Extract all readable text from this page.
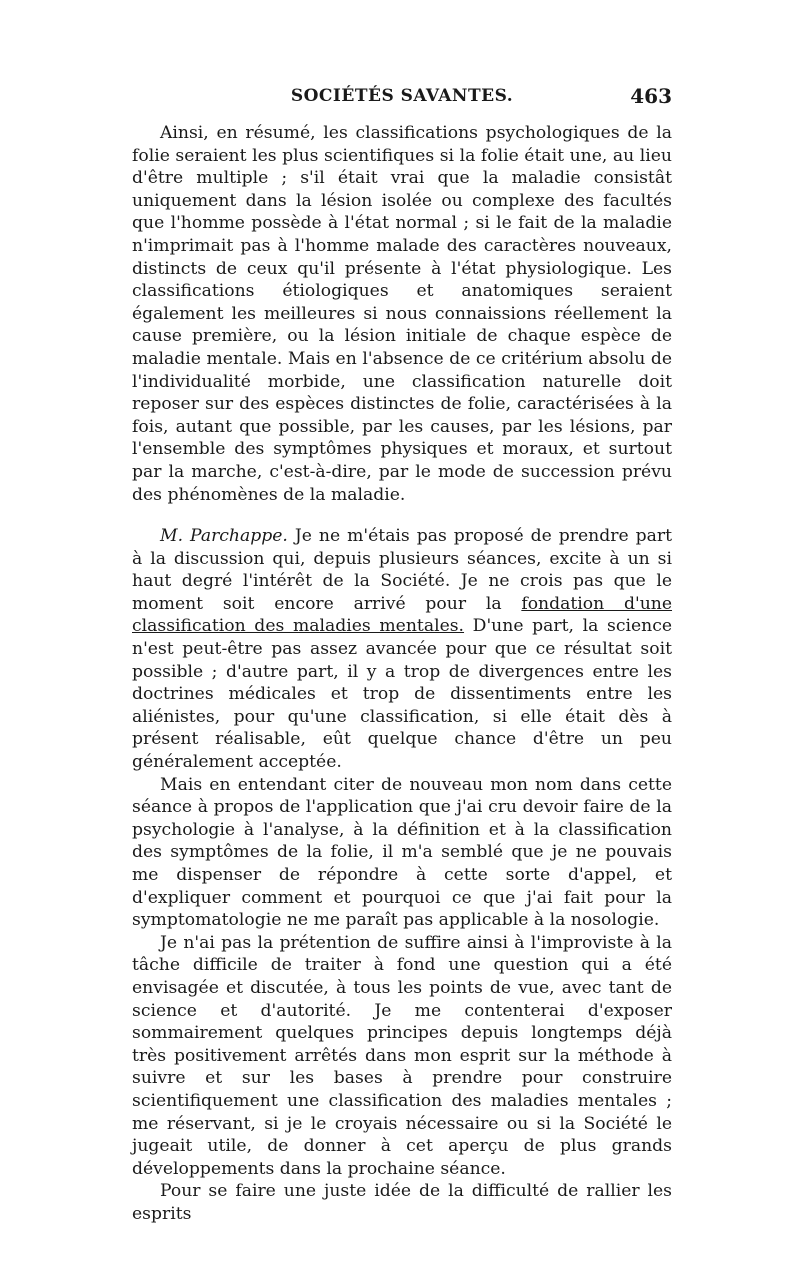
SOCIÉTÉS SAVANTES.	463

Ainsi, en résumé, les classifications psychologiques de la folie seraient les plus scientifiques si la folie était une, au lieu d'être multiple ; s'il était vrai que la maladie consistât uniquement dans la lésion isolée ou complexe des facultés que l'homme possède à l'état normal ; si le fait de la maladie n'imprimait pas à l'homme malade des caractères nouveaux, distincts de ceux qu'il présente à l'état physiologique. Les classifications étiologiques et anatomiques seraient également les meilleures si nous connaissions réellement la cause première, ou la lésion initiale de chaque espèce de maladie mentale. Mais en l'absence de ce critérium absolu de l'individualité morbide, une classification naturelle doit reposer sur des espèces distinctes de folie, caractérisées à la fois, autant que possible, par les causes, par les lésions, par l'ensemble des symptômes physiques et moraux, et surtout par la marche, c'est-à-dire, par le mode de succession prévu des phénomènes de la maladie.

M. Parchappe. Je ne m'étais pas proposé de prendre part à la discussion qui, depuis plusieurs séances, excite à un si haut degré l'intérêt de la Société. Je ne crois pas que le moment soit encore arrivé pour la fondation d'une classification des maladies mentales. D'une part, la science n'est peut-être pas assez avancée pour que ce résultat soit possible ; d'autre part, il y a trop de divergences entre les doctrines médicales et trop de dissentiments entre les aliénistes, pour qu'une classification, si elle était dès à présent réalisable, eût quelque chance d'être un peu généralement acceptée.

Mais en entendant citer de nouveau mon nom dans cette séance à propos de l'application que j'ai cru devoir faire de la psychologie à l'analyse, à la définition et à la classification des symptômes de la folie, il m'a semblé que je ne pouvais me dispenser de répondre à cette sorte d'appel, et d'expliquer comment et pourquoi ce que j'ai fait pour la symptomatologie ne me paraît pas applicable à la nosologie.

Je n'ai pas la prétention de suffire ainsi à l'improviste à la tâche difficile de traiter à fond une question qui a été envisagée et discutée, à tous les points de vue, avec tant de science et d'autorité. Je me contenterai d'exposer sommairement quelques principes depuis longtemps déjà très positivement arrêtés dans mon esprit sur la méthode à suivre et sur les bases à prendre pour construire scientifiquement une classification des maladies mentales ; me réservant, si je le croyais nécessaire ou si la Société le jugeait utile, de donner à cet aperçu de plus grands développements dans la prochaine séance.

Pour se faire une juste idée de la difficulté de rallier les esprits
